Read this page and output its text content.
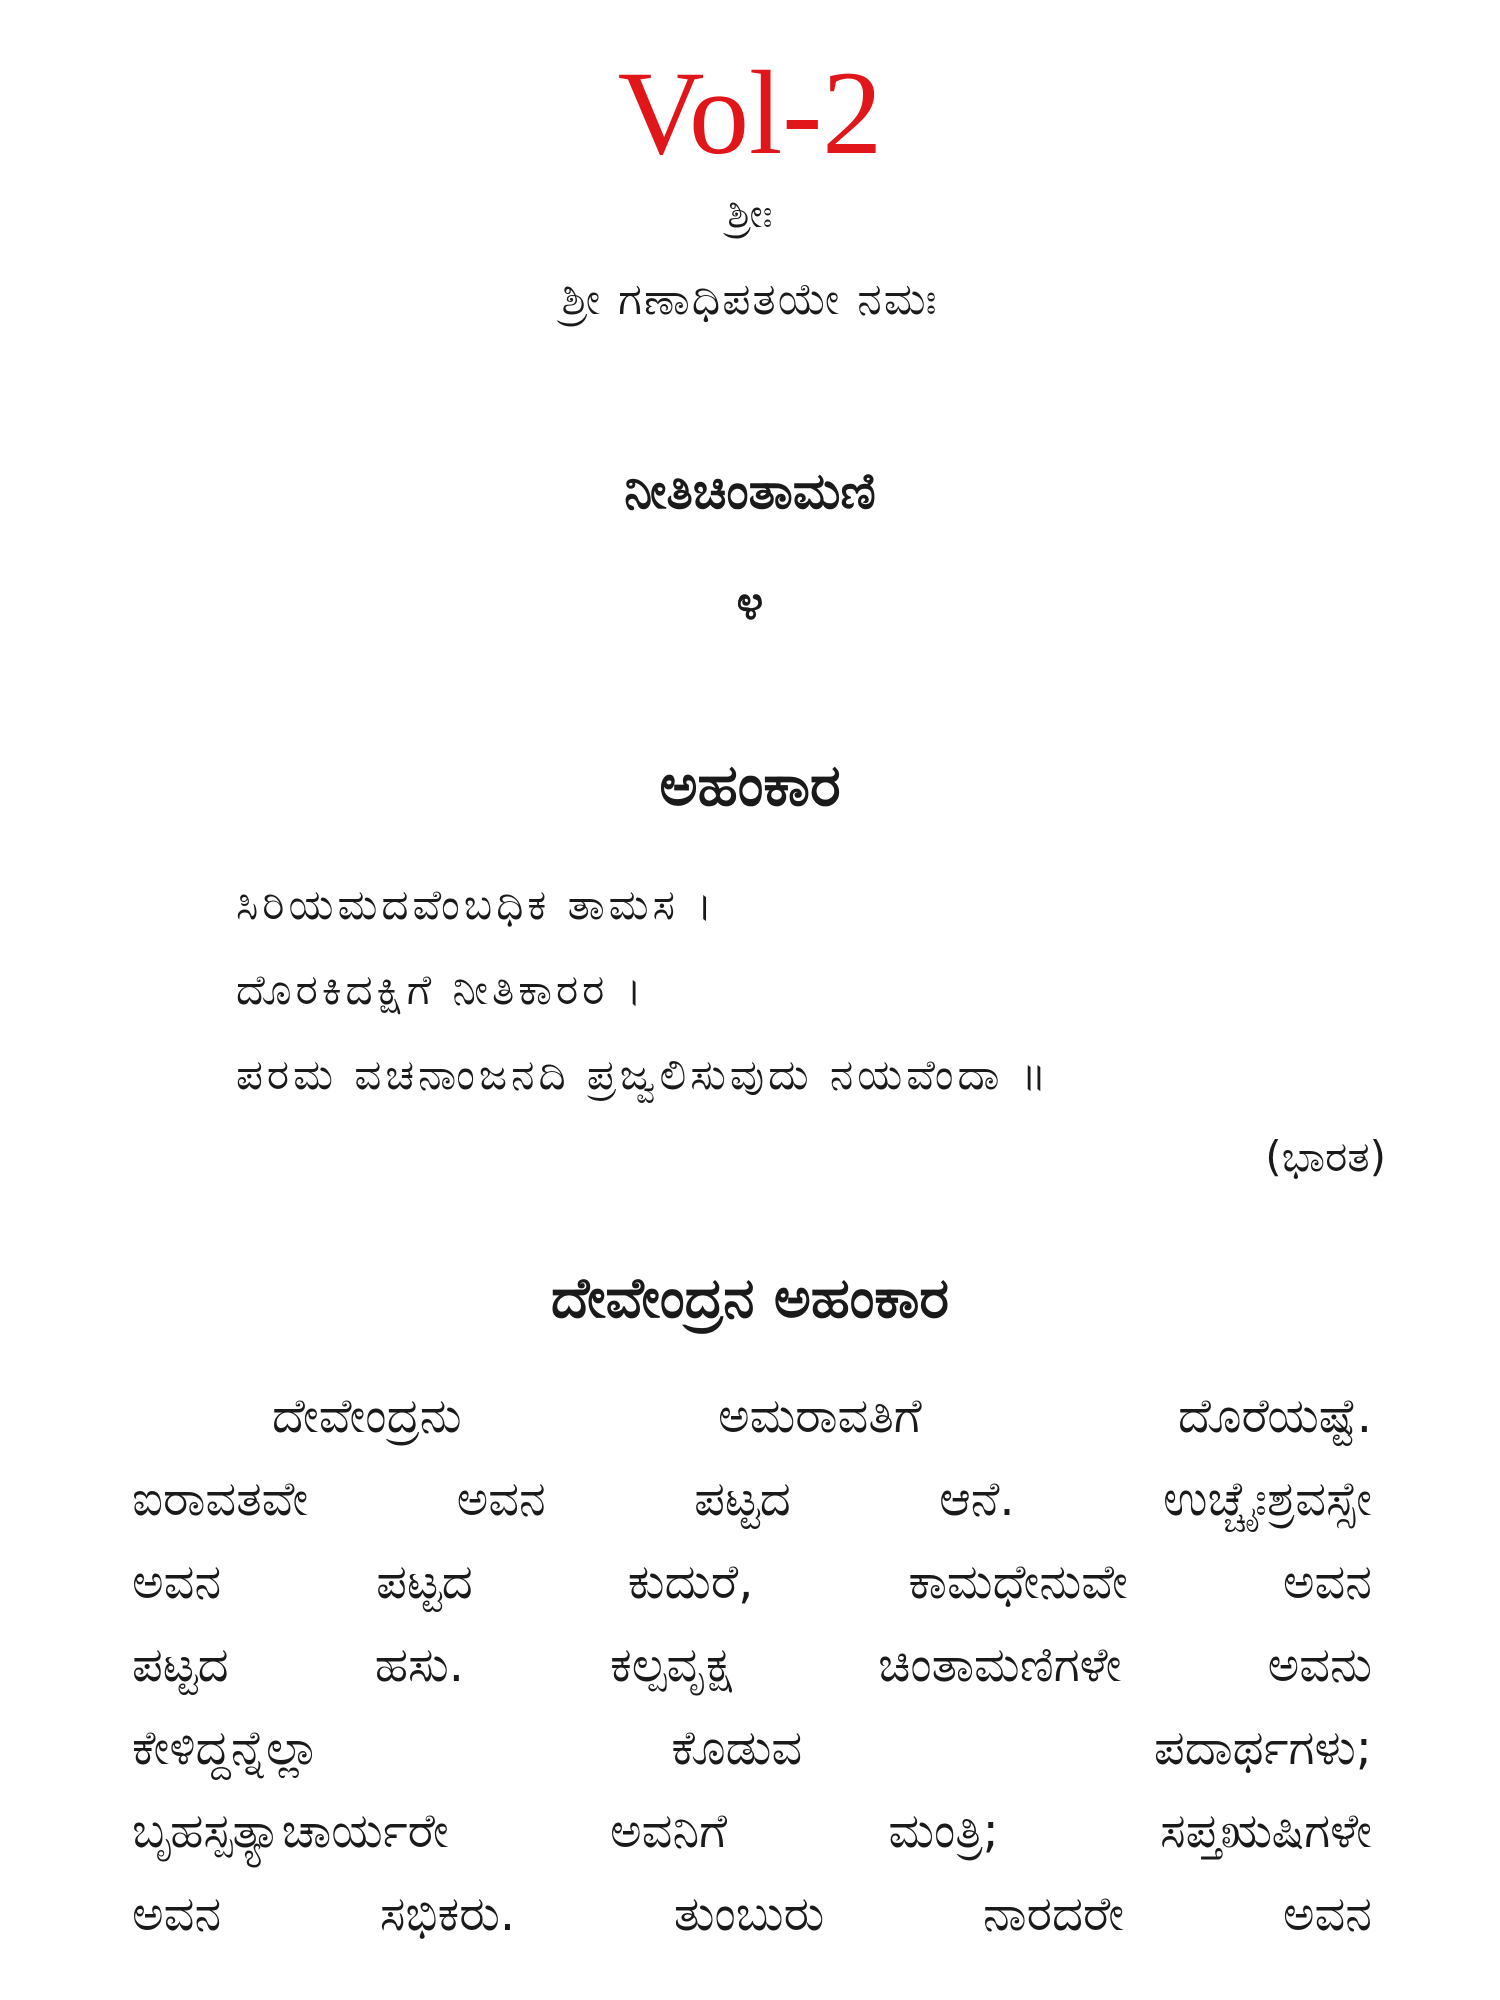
Vol-2
ಶ್ರೀಃ
ಶ್ರೀ ಗಣಾಧಿಪತಯೇ ನಮಃ
ನೀತಿಚಿಂತಾಮಣಿ
೪
ಅಹಂಕಾರ
ಸಿರಿಯಮದವೆಂಬಧಿಕ ತಾಮಸ ।
ದೊರಕಿದಕ್ಷಿಗೆ ನೀತಿಕಾರರ ।
ಪರಮ ವಚನಾಂಜನದಿ ಪ್ರಜ್ವಲಿಸುವುದು ನಯವೆಂದಾ ॥
(ಭಾರತ)
ದೇವೇಂದ್ರನ ಅಹಂಕಾರ
ದೇವೇಂದ್ರನು	ಅಮರಾವತಿಗೆ	ದೊರೆಯಷ್ಟೆ.
ಐರಾವತವೇ	ಅವನ	ಪಟ್ಟದ	ಆನೆ.	ಉಚ್ಚೈಃಶ್ರವಸ್ಸೇ
ಅವನ	ಪಟ್ಟದ	ಕುದುರೆ,	ಕಾಮಧೇನುವೇ	ಅವನ
ಪಟ್ಟದ	ಹಸು.	ಕಲ್ಪವೃಕ್ಷ	ಚಿಂತಾಮಣಿಗಳೇ	ಅವನು
ಕೇಳಿದ್ದನ್ನೆಲ್ಲಾ	ಕೊಡುವ	ಪದಾರ್ಥಗಳು;
ಬೃಹಸ್ಪತ್ಯಾಚಾರ್ಯರೇ	ಅವನಿಗೆ	ಮಂತ್ರಿ;	ಸಪ್ತಋಷಿಗಳೇ
ಅವನ	ಸಭಿಕರು.	ತುಂಬುರು	ನಾರದರೇ	ಅವನ
